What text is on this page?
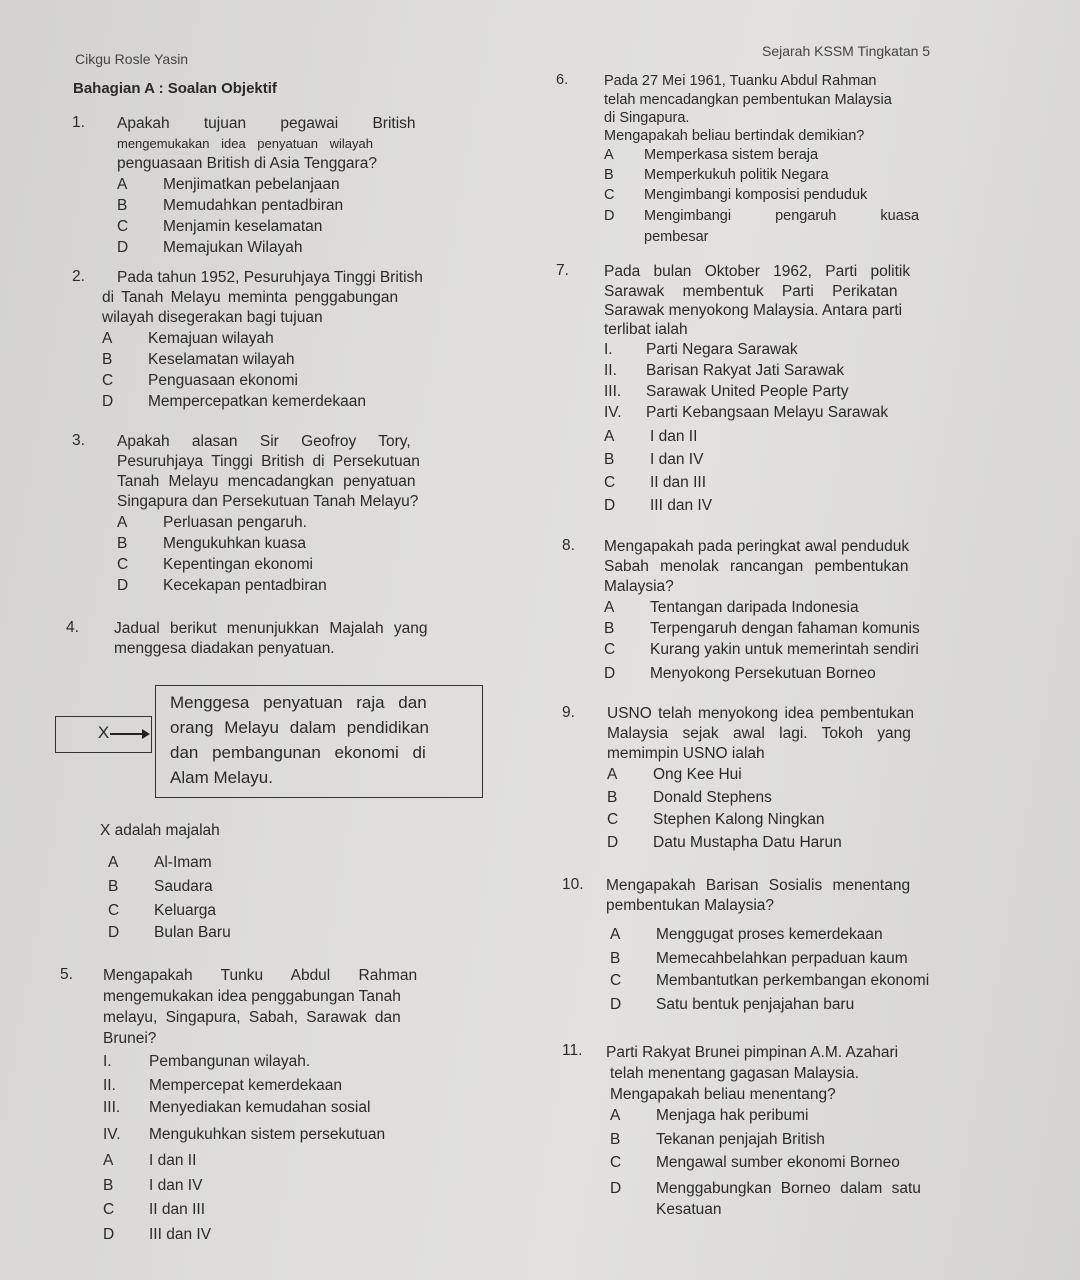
Cikgu Rosle Yasin	Sejarah KSSM Tingkatan 5
Bahagian A : Soalan Objektif
1. Apakah tujuan pegawai British
mengemukakan idea penyatuan wilayah
penguasaan British di Asia Tenggara?
A	Menjimatkan pebelanjaan
B	Memudahkan pentadbiran
C	Menjamin keselamatan
D	Memajukan Wilayah
2. Pada tahun 1952, Pesuruhjaya Tinggi British
di Tanah Melayu meminta penggabungan
wilayah disegerakan bagi tujuan
A	Kemajuan wilayah
B	Keselamatan wilayah
C	Penguasaan ekonomi
D	Mempercepatkan kemerdekaan
3. Apakah alasan Sir Geofroy Tory,
Pesuruhjaya Tinggi British di Persekutuan
Tanah Melayu mencadangkan penyatuan
Singapura dan Persekutuan Tanah Melayu?
A	Perluasan pengaruh.
B	Mengukuhkan kuasa
C	Kepentingan ekonomi
D	Kecekapan pentadbiran
4. Jadual berikut menunjukkan Majalah yang
menggesa diadakan penyatuan.
X
Menggesa penyatuan raja dan
orang Melayu dalam pendidikan
dan pembangunan ekonomi di
Alam Melayu.
X adalah majalah
A	Al-Imam
B	Saudara
C	Keluarga
D	Bulan Baru
5. Mengapakah Tunku Abdul Rahman
mengemukakan idea penggabungan Tanah
melayu, Singapura, Sabah, Sarawak dan
Brunei?
I.	Pembangunan wilayah.
II.	Mempercepat kemerdekaan
III.	Menyediakan kemudahan sosial
IV.	Mengukuhkan sistem persekutuan
A	I dan II
B	I dan IV
C	II dan III
D	III dan IV
6. Pada 27 Mei 1961, Tuanku Abdul Rahman
telah mencadangkan pembentukan Malaysia
di Singapura.
Mengapakah beliau bertindak demikian?
A	Memperkasa sistem beraja
B	Memperkukuh politik Negara
C	Mengimbangi komposisi penduduk
D	Mengimbangi pengaruh kuasa
pembesar
7. Pada bulan Oktober 1962, Parti politik
Sarawak membentuk Parti Perikatan
Sarawak menyokong Malaysia. Antara parti
terlibat ialah
I.	Parti Negara Sarawak
II.	Barisan Rakyat Jati Sarawak
III.	Sarawak United People Party
IV.	Parti Kebangsaan Melayu Sarawak
A	I dan II
B	I dan IV
C	II dan III
D	III dan IV
8. Mengapakah pada peringkat awal penduduk
Sabah menolak rancangan pembentukan
Malaysia?
A	Tentangan daripada Indonesia
B	Terpengaruh dengan fahaman komunis
C	Kurang yakin untuk memerintah sendiri
D	Menyokong Persekutuan Borneo
9. USNO telah menyokong idea pembentukan
Malaysia sejak awal lagi. Tokoh yang
memimpin USNO ialah
A	Ong Kee Hui
B	Donald Stephens
C	Stephen Kalong Ningkan
D	Datu Mustapha Datu Harun
10. Mengapakah Barisan Sosialis menentang
pembentukan Malaysia?
A	Menggugat proses kemerdekaan
B	Memecahbelahkan perpaduan kaum
C	Membantutkan perkembangan ekonomi
D	Satu bentuk penjajahan baru
11. Parti Rakyat Brunei pimpinan A.M. Azahari
telah menentang gagasan Malaysia.
Mengapakah beliau menentang?
A	Menjaga hak peribumi
B	Tekanan penjajah British
C	Mengawal sumber ekonomi Borneo
D	Menggabungkan Borneo dalam satu
Kesatuan
